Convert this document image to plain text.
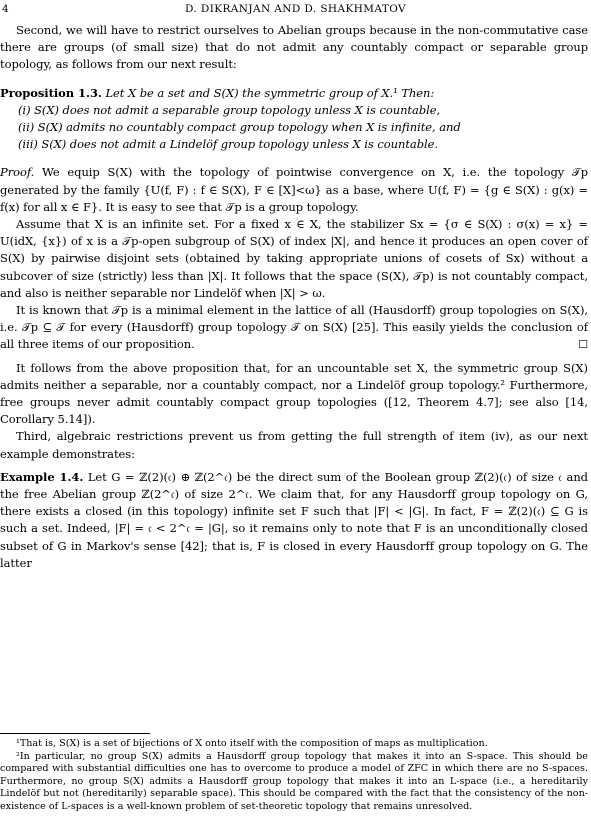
4	D. DIKRANJAN AND D. SHAKHMATOV

Second, we will have to restrict ourselves to Abelian groups because in the non-commutative case there are groups (of small size) that do not admit any countably compact or separable group topology, as follows from our next result:

Proposition 1.3. Let X be a set and S(X) the symmetric group of X.¹ Then:

(i) S(X) does not admit a separable group topology unless X is countable,

(ii) S(X) admits no countably compact group topology when X is infinite, and

(iii) S(X) does not admit a Lindelöf group topology unless X is countable.

Proof. We equip S(X) with the topology of pointwise convergence on X, i.e. the topology 𝒯p generated by the family {U(f, F) : f ∈ S(X), F ∈ [X]<ω} as a base, where U(f, F) = {g ∈ S(X) : g(x) = f(x) for all x ∈ F}. It is easy to see that 𝒯p is a group topology.

Assume that X is an infinite set. For a fixed x ∈ X, the stabilizer Sx = {σ ∈ S(X) : σ(x) = x} = U(idX, {x}) of x is a 𝒯p-open subgroup of S(X) of index |X|, and hence it produces an open cover of S(X) by pairwise disjoint sets (obtained by taking appropriate unions of cosets of Sx) without a subcover of size (strictly) less than |X|. It follows that the space (S(X), 𝒯p) is not countably compact, and also is neither separable nor Lindelöf when |X| > ω.

It is known that 𝒯p is a minimal element in the lattice of all (Hausdorff) group topologies on S(X), i.e. 𝒯p ⊆ 𝒯 for every (Hausdorff) group topology 𝒯 on S(X) [25]. This easily yields the conclusion of all three items of our proposition.	☐

It follows from the above proposition that, for an uncountable set X, the symmetric group S(X) admits neither a separable, nor a countably compact, nor a Lindelöf group topology.² Furthermore, free groups never admit countably compact group topologies ([12, Theorem 4.7]; see also [14, Corollary 5.14]).

Third, algebraic restrictions prevent us from getting the full strength of item (iv), as our next example demonstrates:

Example 1.4. Let G = ℤ(2)(𝔠) ⊕ ℤ(2^𝔠) be the direct sum of the Boolean group ℤ(2)(𝔠) of size 𝔠 and the free Abelian group ℤ(2^𝔠) of size 2^𝔠. We claim that, for any Hausdorff group topology on G, there exists a closed (in this topology) infinite set F such that |F| < |G|. In fact, F = ℤ(2)(𝔠) ⊆ G is such a set. Indeed, |F| = 𝔠 < 2^𝔠 = |G|, so it remains only to note that F is an unconditionally closed subset of G in Markov's sense [42]; that is, F is closed in every Hausdorff group topology on G. The latter

¹That is, S(X) is a set of bijections of X onto itself with the composition of maps as multiplication.

²In particular, no group S(X) admits a Hausdorff group topology that makes it into an S-space. This should be compared with substantial difficulties one has to overcome to produce a model of ZFC in which there are no S-spaces. Furthermore, no group S(X) admits a Hausdorff group topology that makes it into an L-space (i.e., a hereditarily Lindelöf but not (hereditarily) separable space). This should be compared with the fact that the consistency of the non-existence of L-spaces is a well-known problem of set-theoretic topology that remains unresolved.
